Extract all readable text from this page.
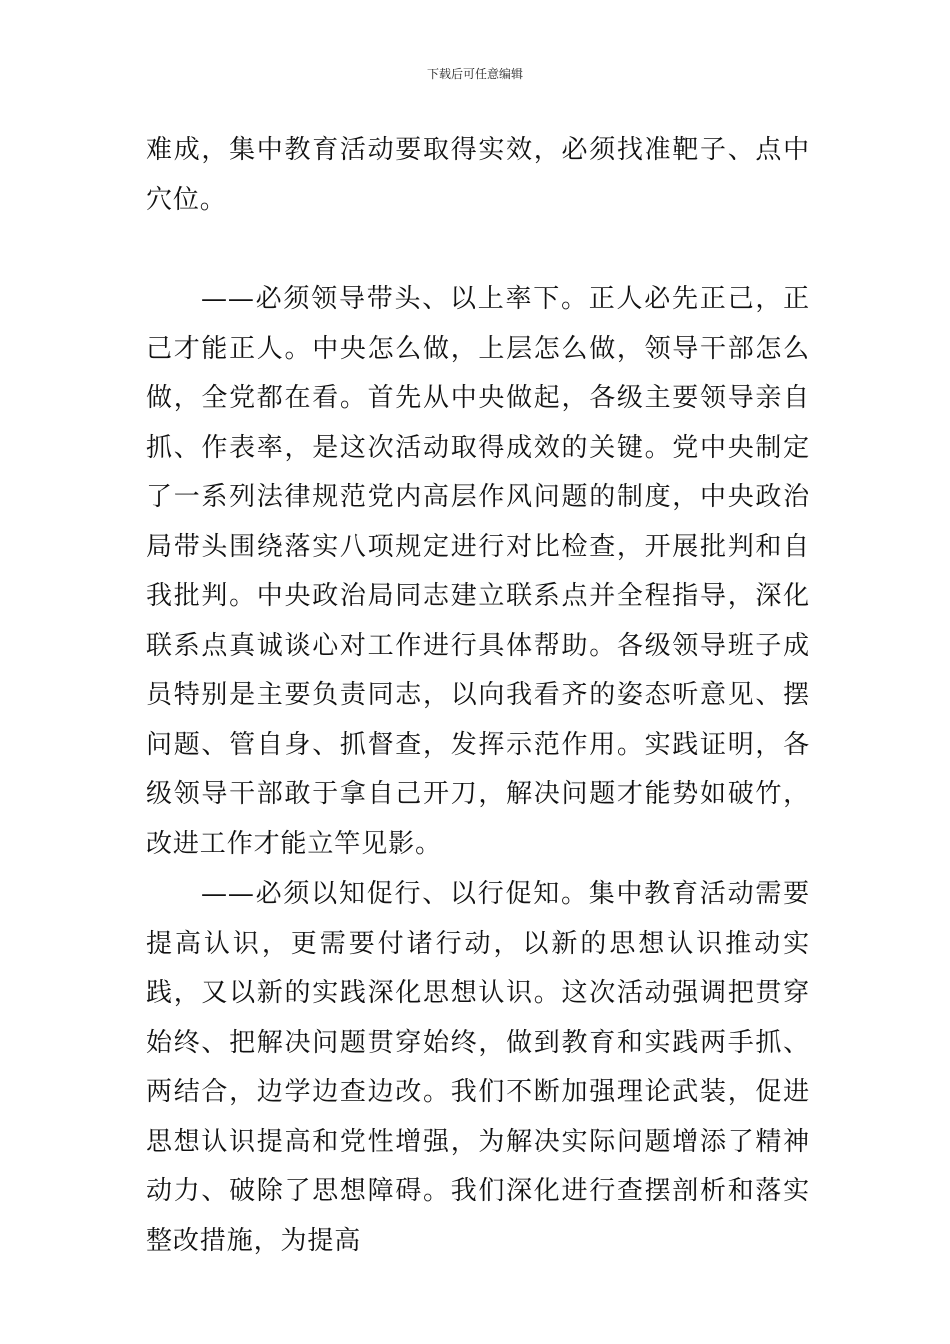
下载后可任意编辑

难成，集中教育活动要取得实效，必须找准靶子、点中穴位。

——必须领导带头、以上率下。正人必先正己，正己才能正人。中央怎么做，上层怎么做，领导干部怎么做，全党都在看。首先从中央做起，各级主要领导亲自抓、作表率，是这次活动取得成效的关键。党中央制定了一系列法律规范党内高层作风问题的制度，中央政治局带头围绕落实八项规定进行对比检查，开展批判和自我批判。中央政治局同志建立联系点并全程指导，深化联系点真诚谈心对工作进行具体帮助。各级领导班子成员特别是主要负责同志，以向我看齐的姿态听意见、摆问题、管自身、抓督查，发挥示范作用。实践证明，各级领导干部敢于拿自己开刀，解决问题才能势如破竹，改进工作才能立竿见影。

——必须以知促行、以行促知。集中教育活动需要提高认识，更需要付诸行动，以新的思想认识推动实践，又以新的实践深化思想认识。这次活动强调把贯穿始终、把解决问题贯穿始终，做到教育和实践两手抓、两结合，边学边查边改。我们不断加强理论武装，促进思想认识提高和党性增强，为解决实际问题增添了精神动力、破除了思想障碍。我们深化进行查摆剖析和落实整改措施，为提高
